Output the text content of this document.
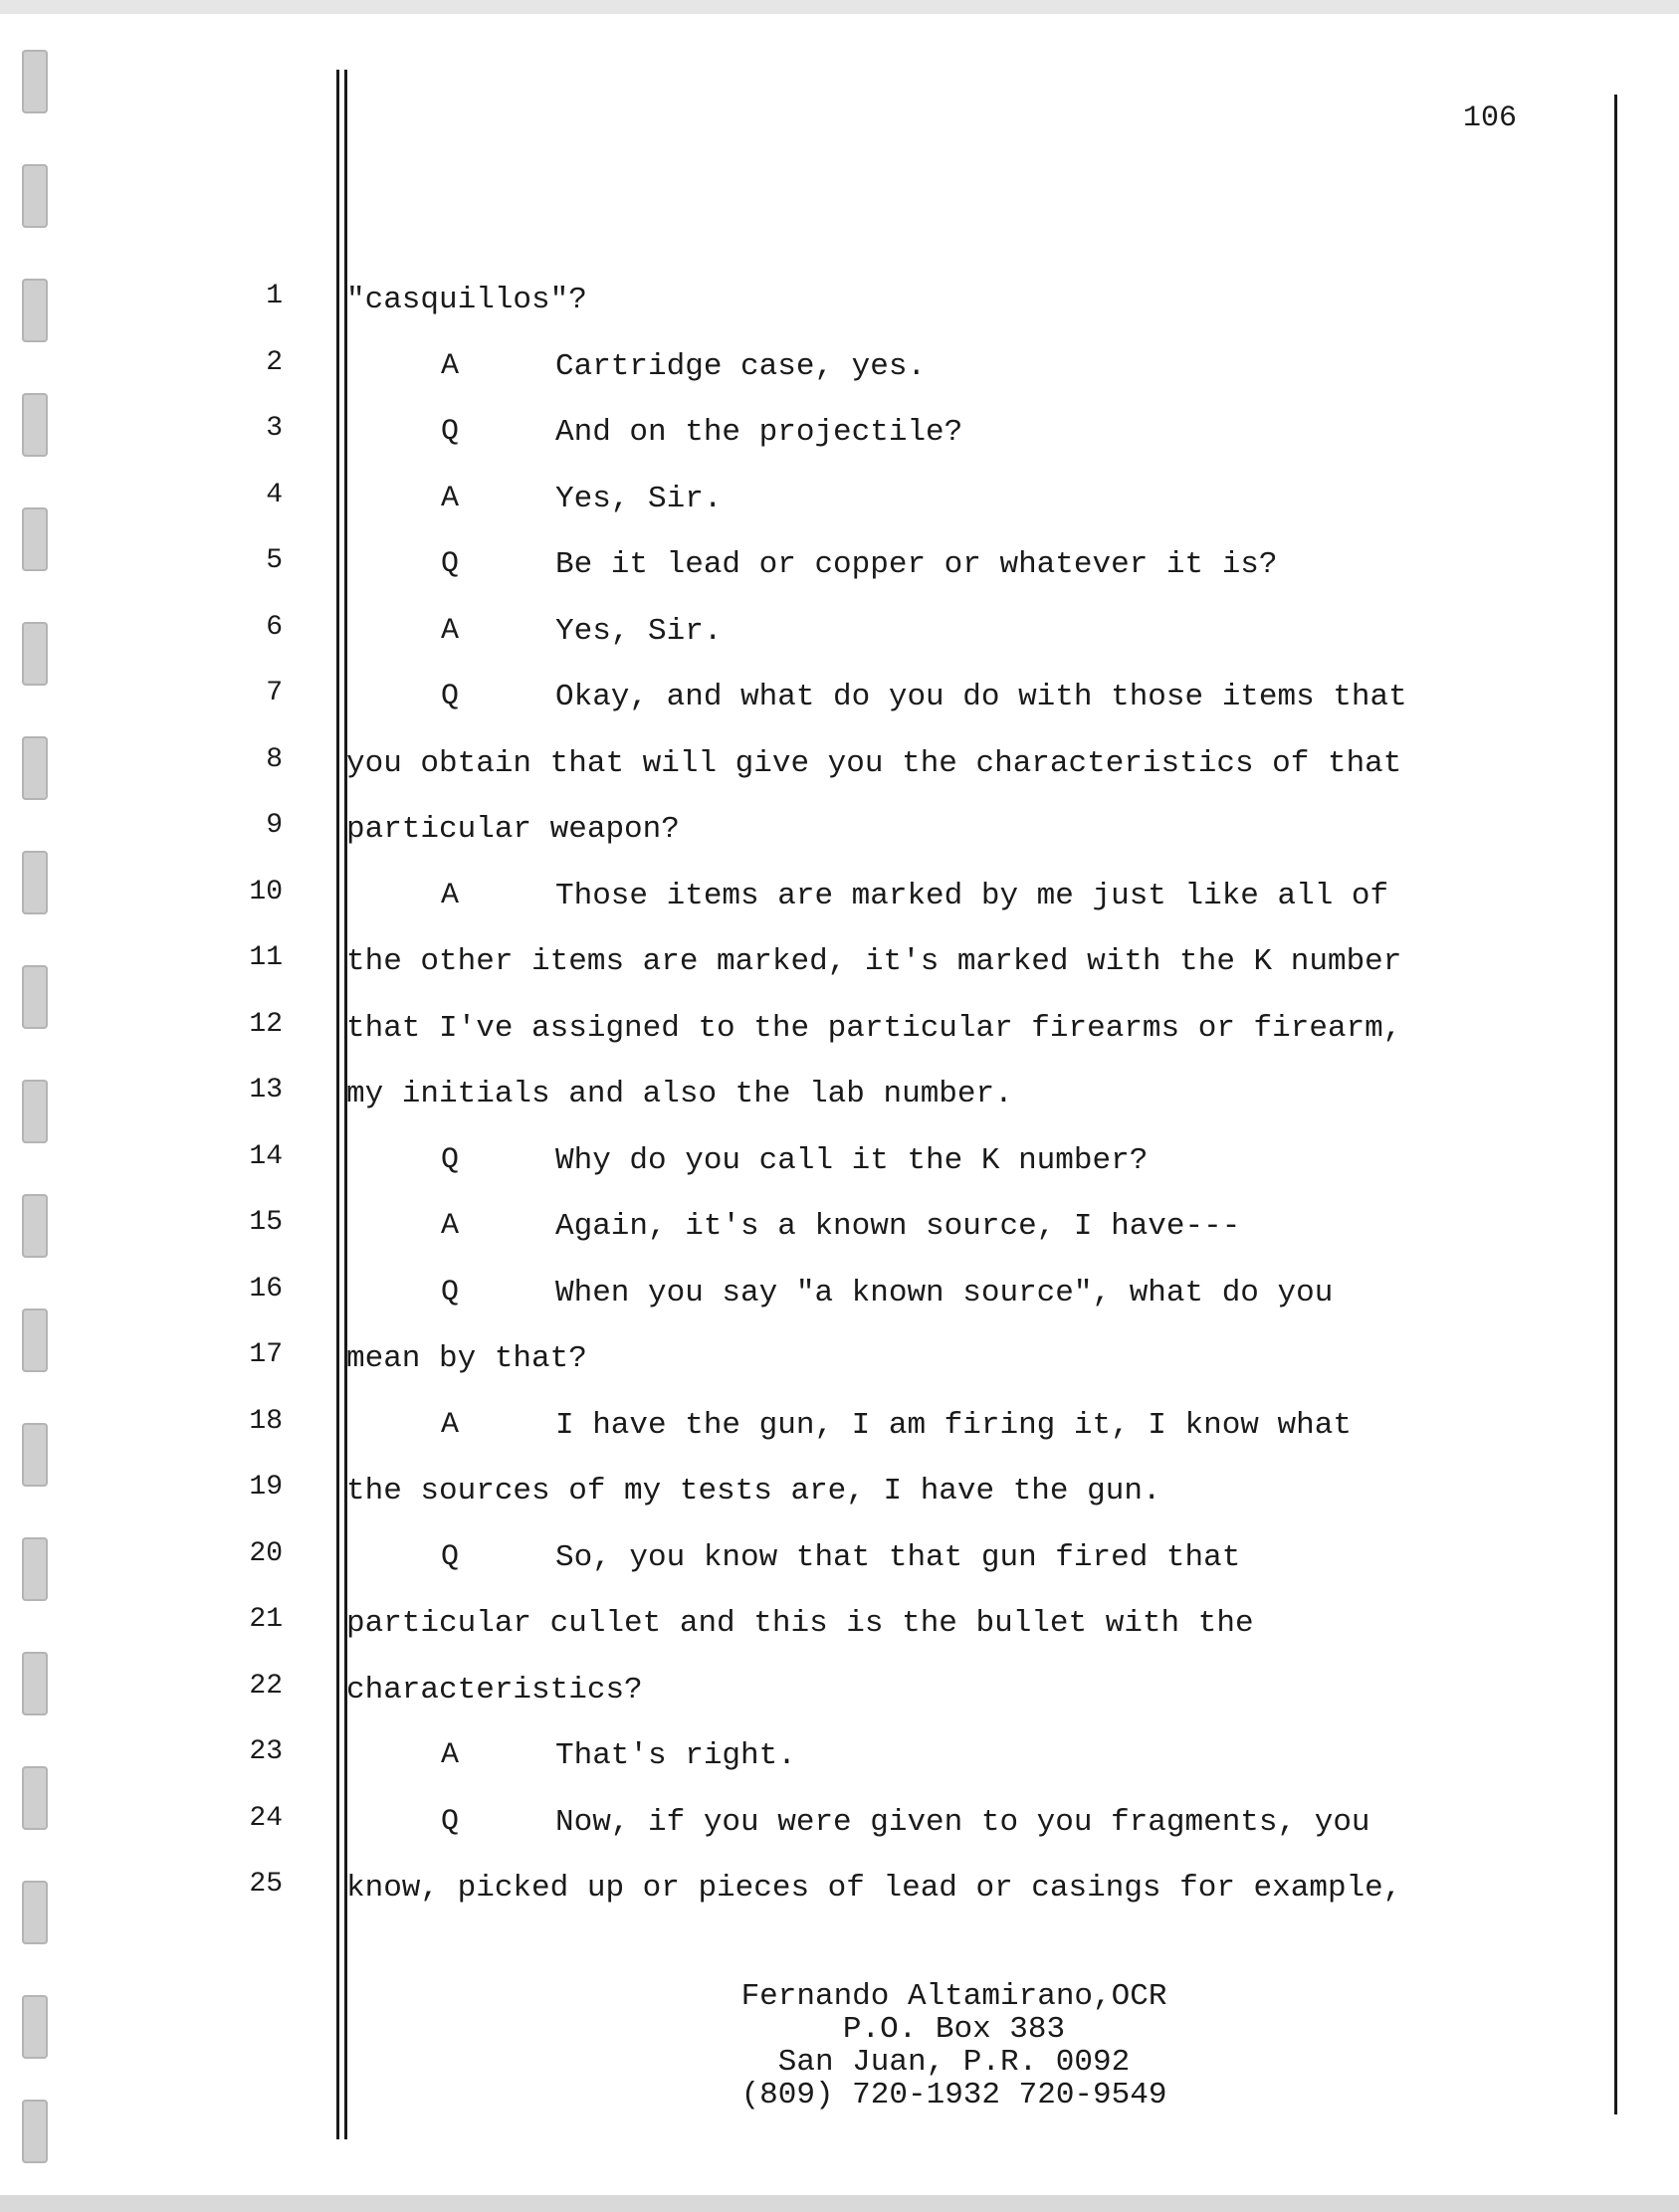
106
1 "casquillos"?
2	A	Cartridge case, yes.
3	Q	And on the projectile?
4	A	Yes, Sir.
5	Q	Be it lead or copper or whatever it is?
6	A	Yes, Sir.
7	Q	Okay, and what do you do with those items that
8 you obtain that will give you the characteristics of that
9 particular weapon?
10	A	Those items are marked by me just like all of
11 the other items are marked, it's marked with the K number
12 that I've assigned to the particular firearms or firearm,
13 my initials and also the lab number.
14	Q	Why do you call it the K number?
15	A	Again, it's a known source, I have---
16	Q	When you say "a known source", what do you
17 mean by that?
18	A	I have the gun, I am firing it, I know what
19 the sources of my tests are, I have the gun.
20	Q	So, you know that that gun fired that
21 particular cullet and this is the bullet with the
22 characteristics?
23	A	That's right.
24	Q	Now, if you were given to you fragments, you
25 know, picked up or pieces of lead or casings for example,
Fernando Altamirano,OCR
P.O. Box 383
San Juan, P.R. 0092
(809) 720-1932 720-9549
